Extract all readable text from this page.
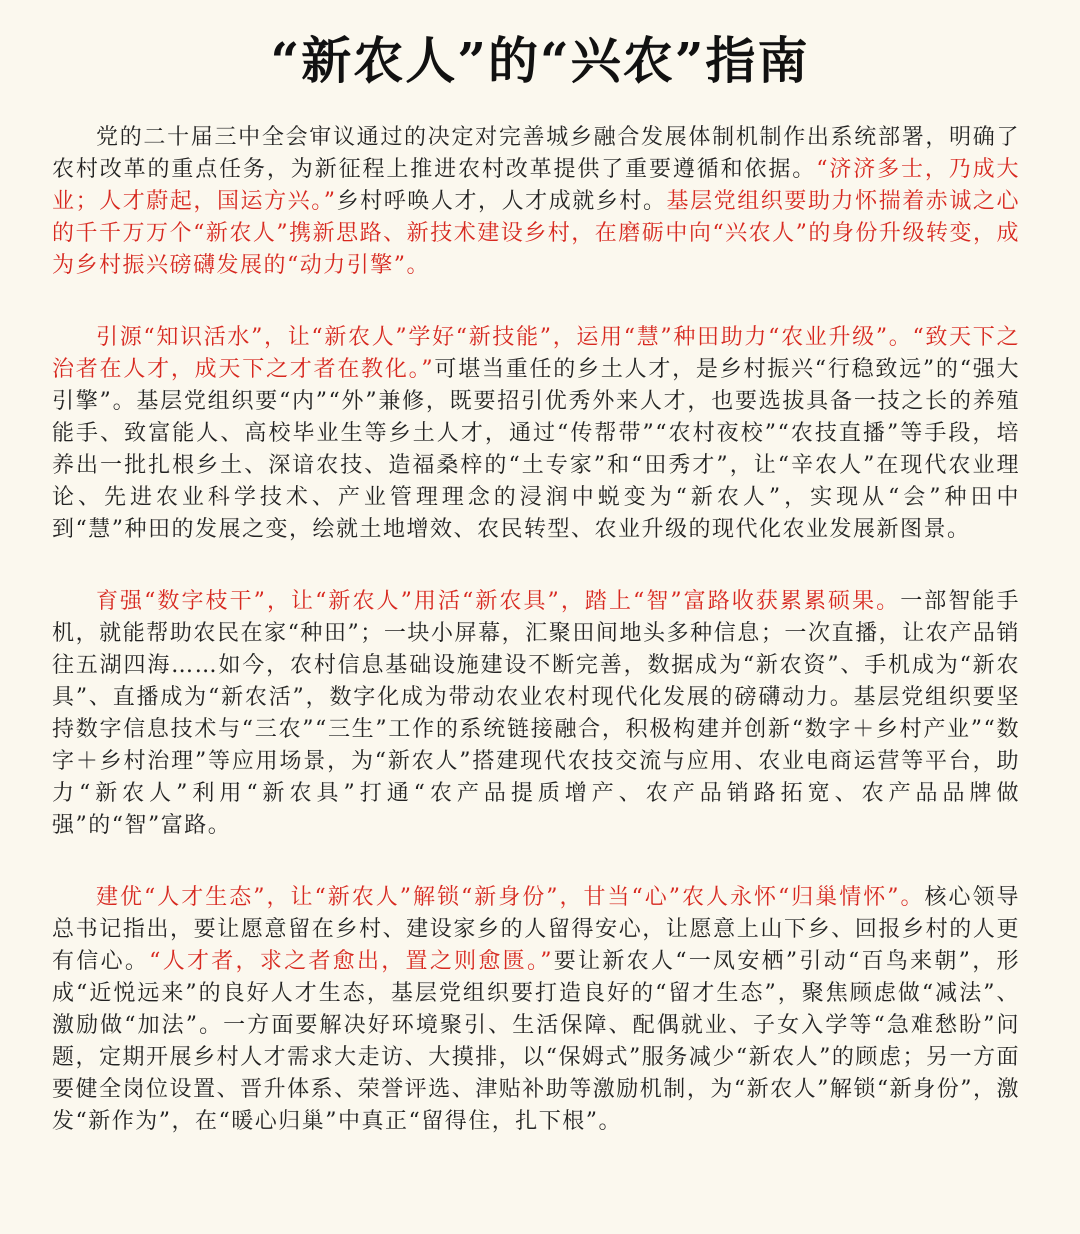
“新农人”的“兴农”指南

党的二十届三中全会审议通过的决定对完善城乡融合发展体制机制作出系统部署，明确了农村改革的重点任务，为新征程上推进农村改革提供了重要遵循和依据。“济济多士，乃成大业；人才蔚起，国运方兴。”乡村呼唤人才，人才成就乡村。基层党组织要助力怀揣着赤诚之心的千千万万个“新农人”携新思路、新技术建设乡村，在磨砺中向“兴农人”的身份升级转变，成为乡村振兴磅礴发展的“动力引擎”。

引源“知识活水”，让“新农人”学好“新技能”，运用“慧”种田助力“农业升级”。“致天下之治者在人才，成天下之才者在教化。”可堪当重任的乡土人才，是乡村振兴“行稳致远”的“强大引擎”。基层党组织要“内”“外”兼修，既要招引优秀外来人才，也要选拔具备一技之长的养殖能手、致富能人、高校毕业生等乡土人才，通过“传帮带”“农村夜校”“农技直播”等手段，培养出一批扎根乡土、深谙农技、造福桑梓的“土专家”和“田秀才”，让“辛农人”在现代农业理论、先进农业科学技术、产业管理理念的浸润中蜕变为“新农人”，实现从“会”种田中到“慧”种田的发展之变，绘就土地增效、农民转型、农业升级的现代化农业发展新图景。

育强“数字枝干”，让“新农人”用活“新农具”，踏上“智”富路收获累累硕果。一部智能手机，就能帮助农民在家“种田”；一块小屏幕，汇聚田间地头多种信息；一次直播，让农产品销往五湖四海……如今，农村信息基础设施建设不断完善，数据成为“新农资”、手机成为“新农具”、直播成为“新农活”，数字化成为带动农业农村现代化发展的磅礴动力。基层党组织要坚持数字信息技术与“三农”“三生”工作的系统链接融合，积极构建并创新“数字＋乡村产业”“数字＋乡村治理”等应用场景，为“新农人”搭建现代农技交流与应用、农业电商运营等平台，助力“新农人”利用“新农具”打通“农产品提质增产、农产品销路拓宽、农产品品牌做强”的“智”富路。

建优“人才生态”，让“新农人”解锁“新身份”，甘当“心”农人永怀“归巢情怀”。核心领导总书记指出，要让愿意留在乡村、建设家乡的人留得安心，让愿意上山下乡、回报乡村的人更有信心。“人才者，求之者愈出，置之则愈匮。”要让新农人“一凤安栖”引动“百鸟来朝”，形成“近悦远来”的良好人才生态，基层党组织要打造良好的“留才生态”，聚焦顾虑做“减法”、激励做“加法”。一方面要解决好环境聚引、生活保障、配偶就业、子女入学等“急难愁盼”问题，定期开展乡村人才需求大走访、大摸排，以“保姆式”服务减少“新农人”的顾虑；另一方面要健全岗位设置、晋升体系、荣誉评选、津贴补助等激励机制，为“新农人”解锁“新身份”，激发“新作为”，在“暖心归巢”中真正“留得住，扎下根”。
